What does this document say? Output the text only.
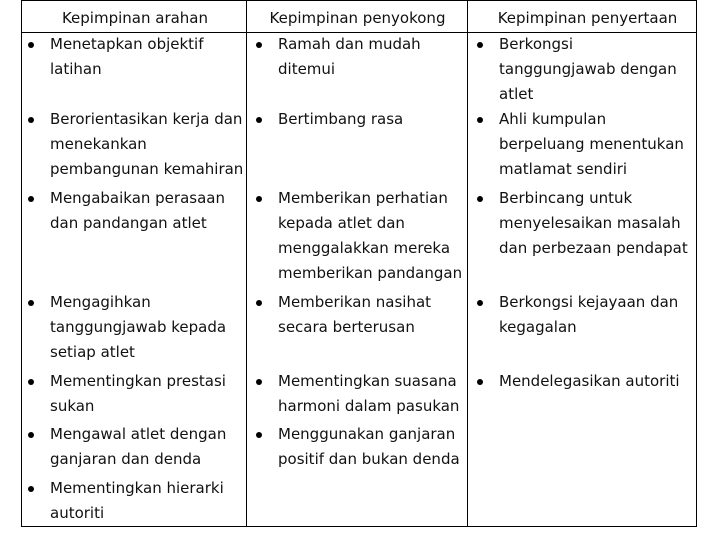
Kepimpinan arahan	Kepimpinan penyokong	Kepimpinan penyertaan
Menetapkan objektif latihan
Berorientasikan kerja dan menekankan pembangunan kemahiran
Mengabaikan perasaan dan pandangan atlet
Mengagihkan tanggungjawab kepada setiap atlet
Mementingkan prestasi sukan
Mengawal atlet dengan ganjaran dan denda
Mementingkan hierarki autoriti
Ramah dan mudah ditemui
Bertimbang rasa
Memberikan perhatian kepada atlet dan menggalakkan mereka memberikan pandangan
Memberikan nasihat secara berterusan
Mementingkan suasana harmoni dalam pasukan
Menggunakan ganjaran positif dan bukan denda
Berkongsi tanggungjawab dengan atlet
Ahli kumpulan berpeluang menentukan matlamat sendiri
Berbincang untuk menyelesaikan masalah dan perbezaan pendapat
Berkongsi kejayaan dan kegagalan
Mendelegasikan autoriti
